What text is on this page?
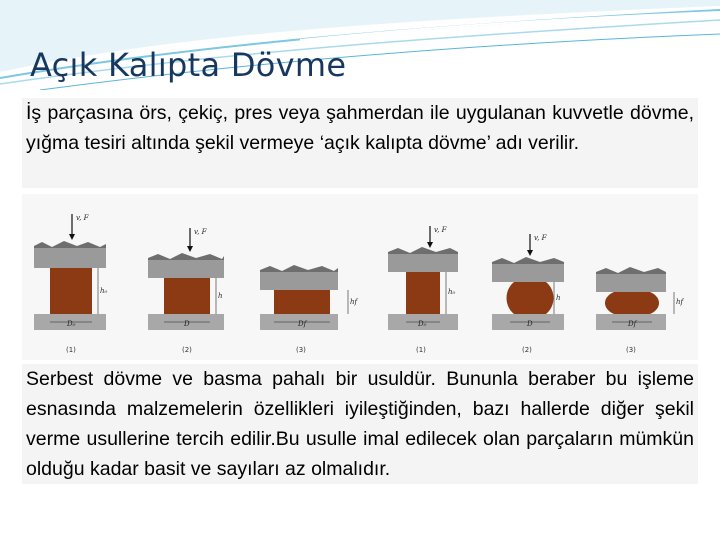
Açık Kalıpta Dövme

İş parçasına örs, çekiç, pres veya şahmerdan ile uygulanan kuvvetle dövme, yığma tesiri altında şekil vermeye ‘açık kalıpta dövme’ adı verilir.

v, F
h₀
D₀
(1)
v, F
h
D
(2)
hf
Df
(3)
v, F
h₀
D₀
(1)
v, F
h
D
(2)
hf
Df
(3)

Serbest dövme ve basma pahalı bir usuldür. Bununla beraber bu işleme esnasında malzemelerin özellikleri iyileştiğinden, bazı hallerde diğer şekil verme usullerine tercih edilir.Bu usulle imal edilecek olan parçaların mümkün olduğu kadar basit ve sayıları az olmalıdır.
